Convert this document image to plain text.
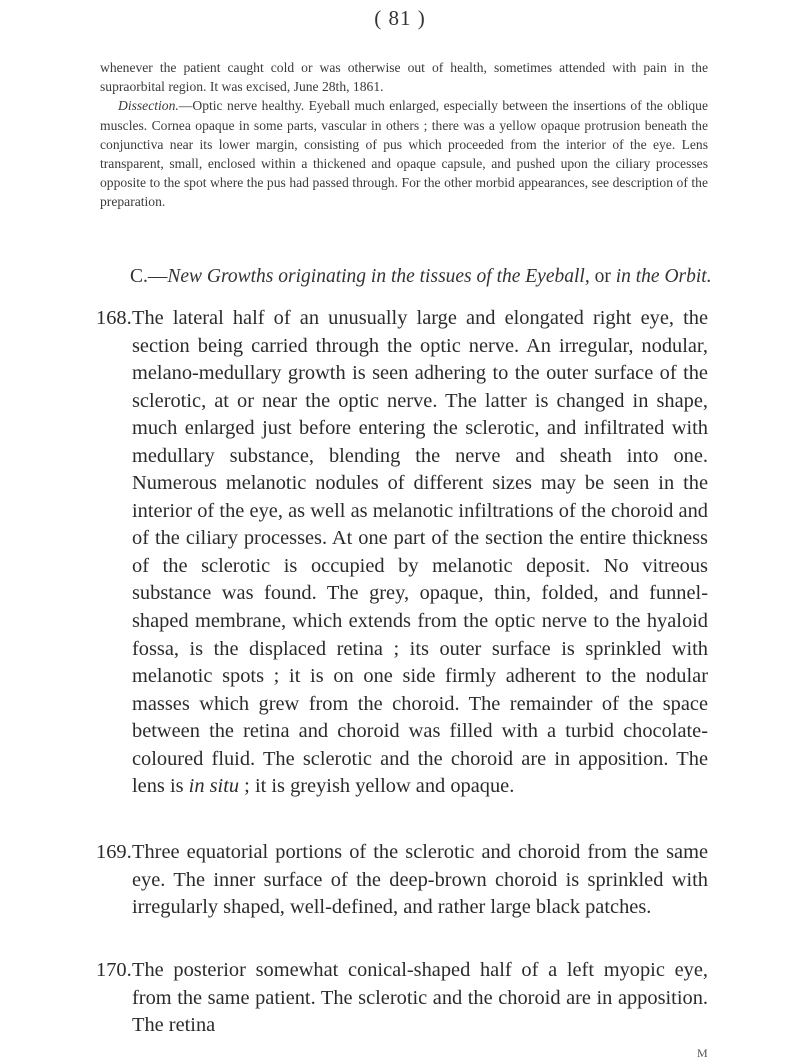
( 81 )

whenever the patient caught cold or was otherwise out of health, sometimes attended with pain in the supraorbital region. It was excised, June 28th, 1861.

Dissection.—Optic nerve healthy. Eyeball much enlarged, especially between the insertions of the oblique muscles. Cornea opaque in some parts, vascular in others ; there was a yellow opaque protrusion beneath the conjunctiva near its lower margin, consisting of pus which proceeded from the interior of the eye. Lens transparent, small, enclosed within a thickened and opaque capsule, and pushed upon the ciliary processes opposite to the spot where the pus had passed through. For the other morbid appearances, see description of the preparation.

C.—New Growths originating in the tissues of the Eyeball, or in the Orbit.
168. The lateral half of an unusually large and elongated right eye, the section being carried through the optic nerve. An irregular, nodular, melano-medullary growth is seen adhering to the outer surface of the sclerotic, at or near the optic nerve. The latter is changed in shape, much enlarged just before entering the sclerotic, and infiltrated with medullary substance, blending the nerve and sheath into one. Numerous melanotic nodules of different sizes may be seen in the interior of the eye, as well as melanotic infiltrations of the choroid and of the ciliary processes. At one part of the section the entire thickness of the sclerotic is occupied by melanotic deposit. No vitreous substance was found. The grey, opaque, thin, folded, and funnel-shaped membrane, which extends from the optic nerve to the hyaloid fossa, is the displaced retina ; its outer surface is sprinkled with melanotic spots ; it is on one side firmly adherent to the nodular masses which grew from the choroid. The remainder of the space between the retina and choroid was filled with a turbid chocolate-coloured fluid. The sclerotic and the choroid are in apposition. The lens is in situ ; it is greyish yellow and opaque.
169. Three equatorial portions of the sclerotic and choroid from the same eye. The inner surface of the deep-brown choroid is sprinkled with irregularly shaped, well-defined, and rather large black patches.
170. The posterior somewhat conical-shaped half of a left myopic eye, from the same patient. The sclerotic and the choroid are in apposition. The retina
M
